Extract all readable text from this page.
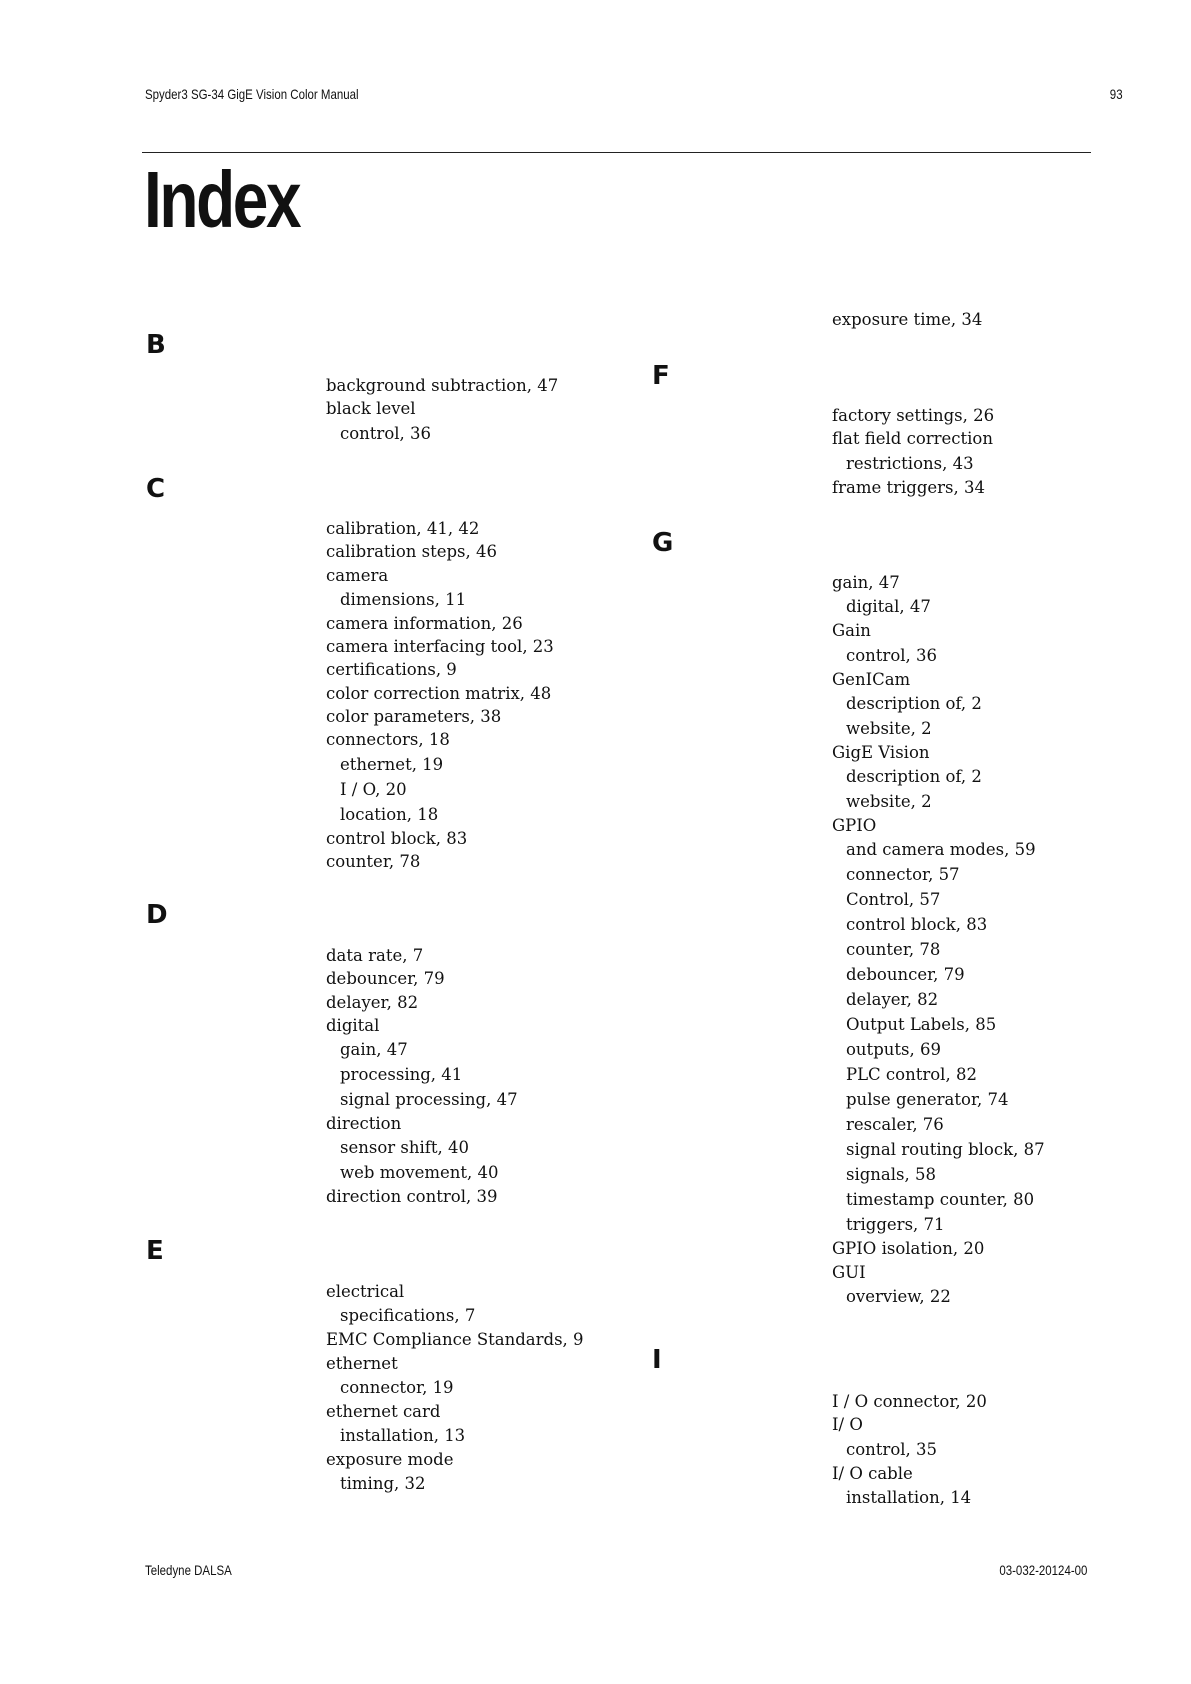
Spyder3 SG-34 GigE Vision Color Manual	93
Index
B
background subtraction, 47
black level
control, 36
C
calibration, 41, 42
calibration steps, 46
camera
dimensions, 11
camera information, 26
camera interfacing tool, 23
certifications, 9
color correction matrix, 48
color parameters, 38
connectors, 18
ethernet, 19
I / O, 20
location, 18
control block, 83
counter, 78
D
data rate, 7
debouncer, 79
delayer, 82
digital
gain, 47
processing, 41
signal processing, 47
direction
sensor shift, 40
web movement, 40
direction control, 39
E
electrical
specifications, 7
EMC Compliance Standards, 9
ethernet
connector, 19
ethernet card
installation, 13
exposure mode
timing, 32
exposure time, 34
F
factory settings, 26
flat field correction
restrictions, 43
frame triggers, 34
G
gain, 47
digital, 47
Gain
control, 36
GenICam
description of, 2
website, 2
GigE Vision
description of, 2
website, 2
GPIO
and camera modes, 59
connector, 57
Control, 57
control block, 83
counter, 78
debouncer, 79
delayer, 82
Output Labels, 85
outputs, 69
PLC control, 82
pulse generator, 74
rescaler, 76
signal routing block, 87
signals, 58
timestamp counter, 80
triggers, 71
GPIO isolation, 20
GUI
overview, 22
I
I / O connector, 20
I/ O
control, 35
I/ O cable
installation, 14
Teledyne DALSA	03-032-20124-00
